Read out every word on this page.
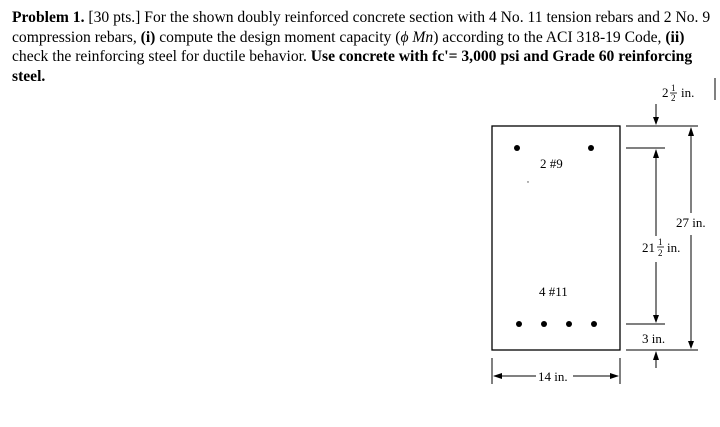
Problem 1. [30 pts.] For the shown doubly reinforced concrete section with 4 No. 11 tension rebars and 2 No. 9 compression rebars, (i) compute the design moment capacity (ϕ Mn) according to the ACI 318-19 Code, (ii) check the reinforcing steel for ductile behavior. Use concrete with fc'= 3,000 psi and Grade 60 reinforcing steel.
2 #9
4 #11
2 1
2 in.
21 1
2 in.
27 in.
3 in.
14 in.
